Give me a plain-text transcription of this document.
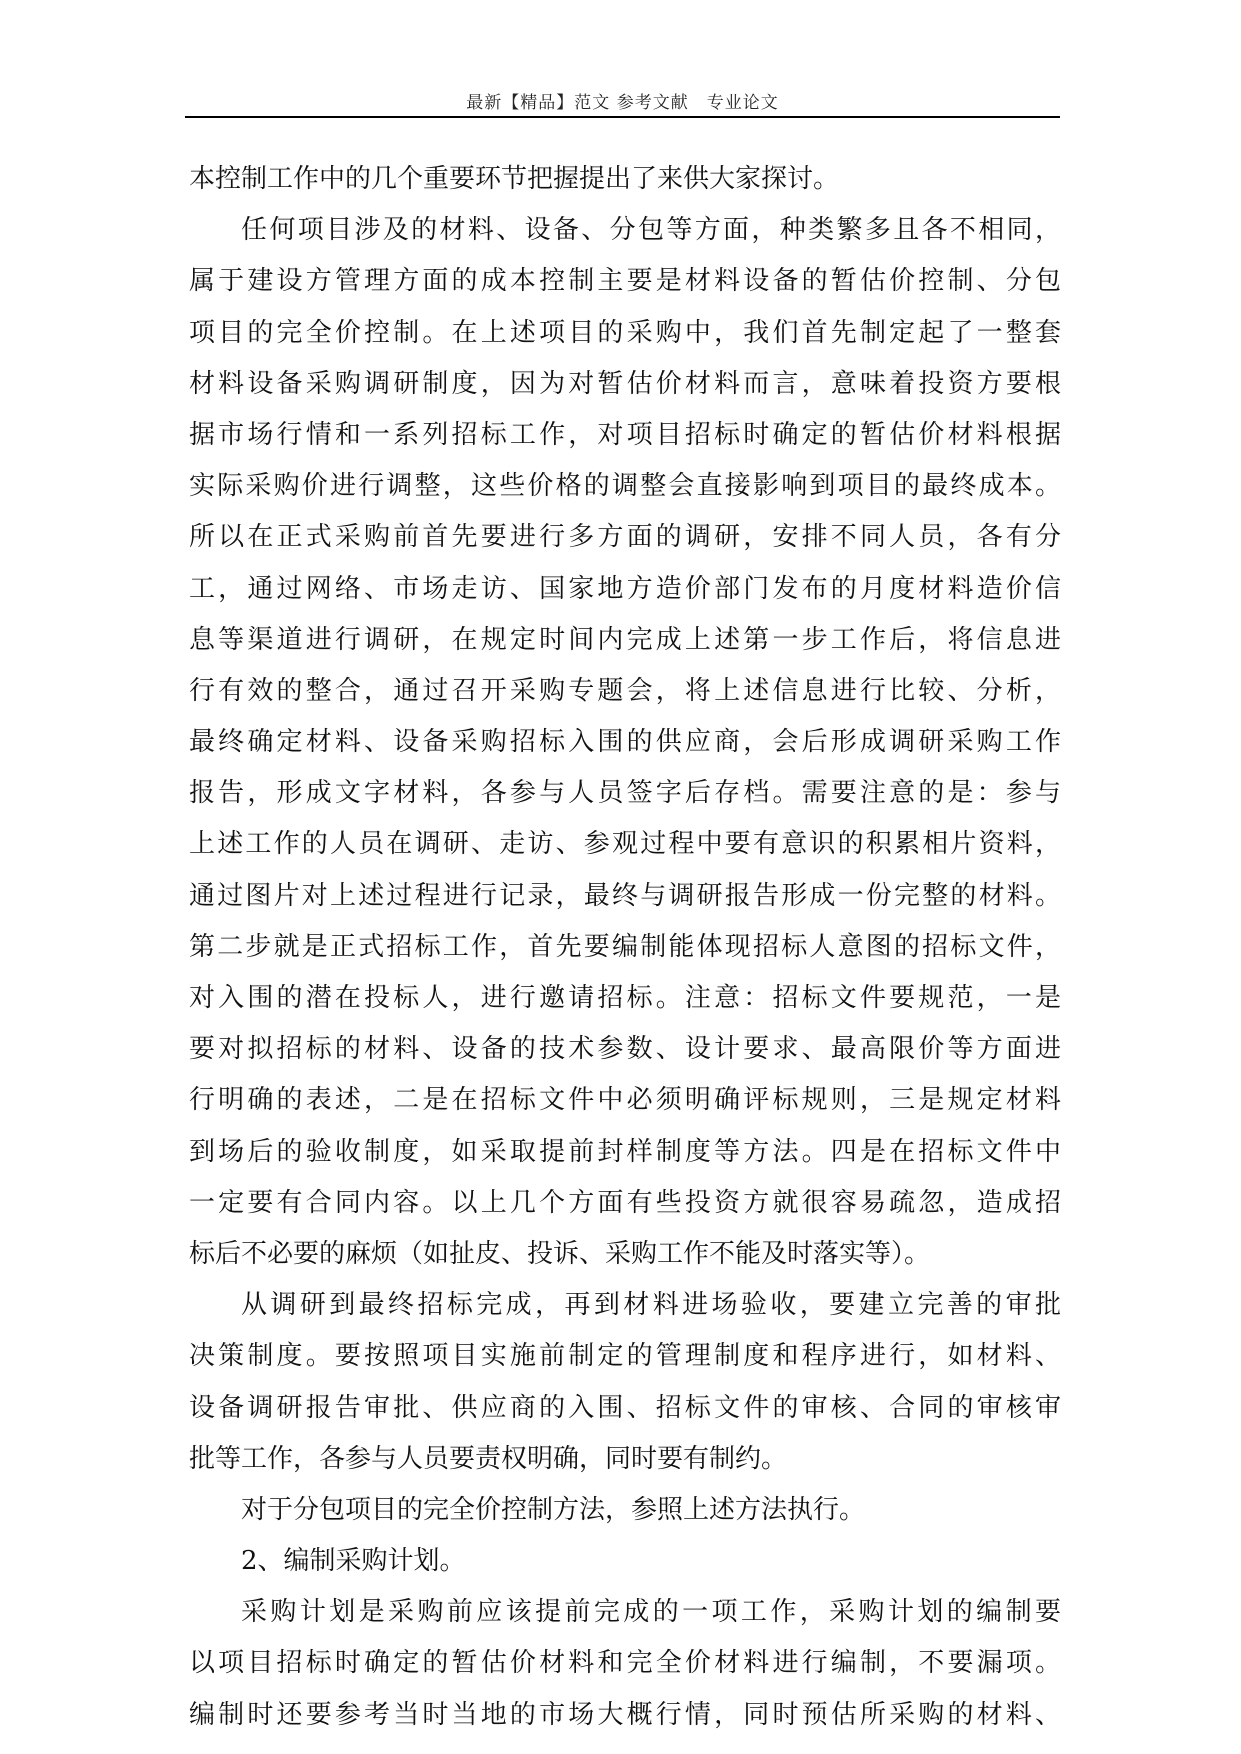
最新【精品】范文 参考文献　专业论文
本控制工作中的几个重要环节把握提出了来供大家探讨。
任何项目涉及的材料、设备、分包等方面，种类繁多且各不相同，
属于建设方管理方面的成本控制主要是材料设备的暂估价控制、分包
项目的完全价控制。在上述项目的采购中，我们首先制定起了一整套
材料设备采购调研制度，因为对暂估价材料而言，意味着投资方要根
据市场行情和一系列招标工作，对项目招标时确定的暂估价材料根据
实际采购价进行调整，这些价格的调整会直接影响到项目的最终成本。
所以在正式采购前首先要进行多方面的调研，安排不同人员，各有分
工，通过网络、市场走访、国家地方造价部门发布的月度材料造价信
息等渠道进行调研，在规定时间内完成上述第一步工作后，将信息进
行有效的整合，通过召开采购专题会，将上述信息进行比较、分析，
最终确定材料、设备采购招标入围的供应商，会后形成调研采购工作
报告，形成文字材料，各参与人员签字后存档。需要注意的是：参与
上述工作的人员在调研、走访、参观过程中要有意识的积累相片资料，
通过图片对上述过程进行记录，最终与调研报告形成一份完整的材料。
第二步就是正式招标工作，首先要编制能体现招标人意图的招标文件，
对入围的潜在投标人，进行邀请招标。注意：招标文件要规范，一是
要对拟招标的材料、设备的技术参数、设计要求、最高限价等方面进
行明确的表述，二是在招标文件中必须明确评标规则，三是规定材料
到场后的验收制度，如采取提前封样制度等方法。四是在招标文件中
一定要有合同内容。以上几个方面有些投资方就很容易疏忽，造成招
标后不必要的麻烦（如扯皮、投诉、采购工作不能及时落实等）。
从调研到最终招标完成，再到材料进场验收，要建立完善的审批
决策制度。要按照项目实施前制定的管理制度和程序进行，如材料、
设备调研报告审批、供应商的入围、招标文件的审核、合同的审核审
批等工作，各参与人员要责权明确，同时要有制约。
对于分包项目的完全价控制方法，参照上述方法执行。
2、编制采购计划。
采购计划是采购前应该提前完成的一项工作，采购计划的编制要
以项目招标时确定的暂估价材料和完全价材料进行编制，不要漏项。
编制时还要参考当时当地的市场大概行情，同时预估所采购的材料、
